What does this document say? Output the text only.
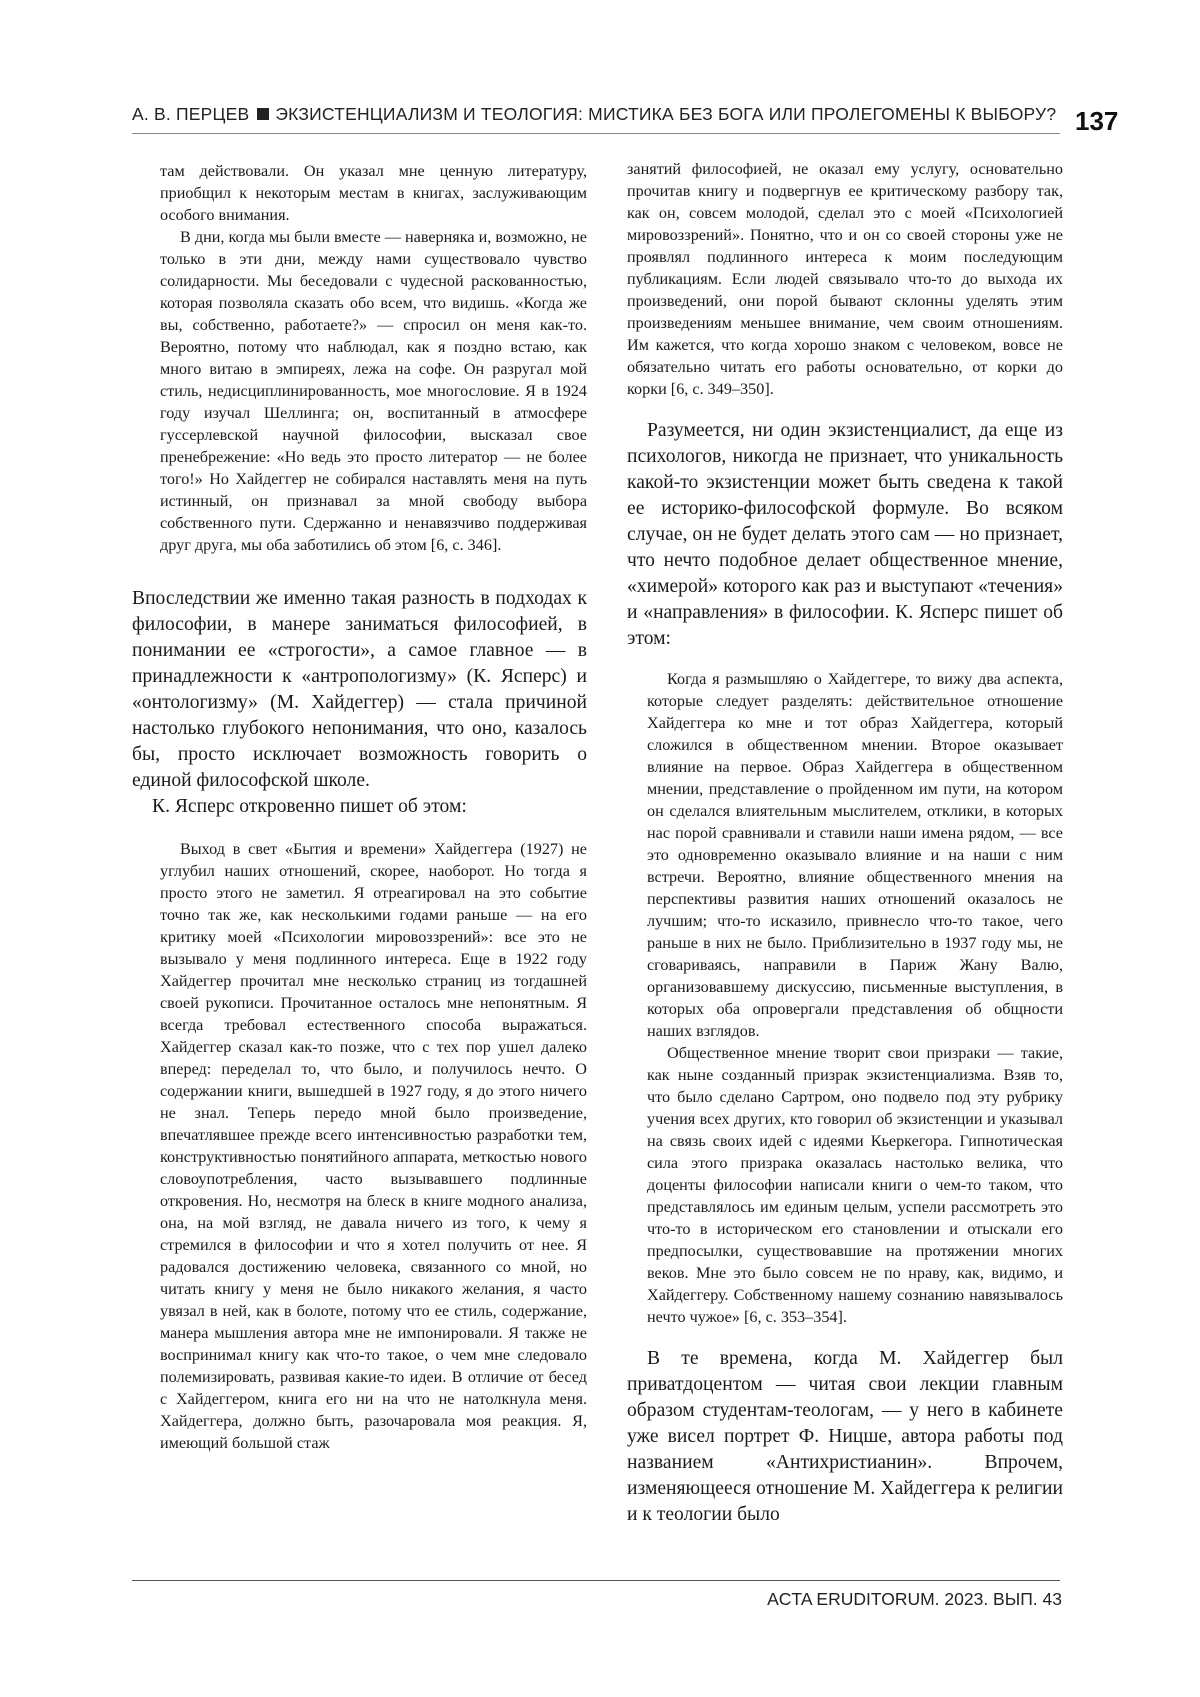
А. В. ПЕРЦЕВ ЭКЗИСТЕНЦИАЛИЗМ И ТЕОЛОГИЯ: МИСТИКА БЕЗ БОГА ИЛИ ПРОЛЕГОМЕНЫ К ВЫБОРУ? 137

там действовали. Он указал мне ценную литературу, приобщил к некоторым местам в книгах, заслуживающим особого внимания.

В дни, когда мы были вместе — наверняка и, возможно, не только в эти дни, между нами существовало чувство солидарности. Мы беседовали с чудесной раскованностью, которая позволяла сказать обо всем, что видишь. «Когда же вы, собственно, работаете?» — спросил он меня как-то. Вероятно, потому что наблюдал, как я поздно встаю, как много витаю в эмпиреях, лежа на софе. Он разругал мой стиль, недисциплинированность, мое многословие. Я в 1924 году изучал Шеллинга; он, воспитанный в атмосфере гуссерлевской научной философии, высказал свое пренебрежение: «Но ведь это просто литератор — не более того!» Но Хайдеггер не собирался наставлять меня на путь истинный, он признавал за мной свободу выбора собственного пути. Сдержанно и ненавязчиво поддерживая друг друга, мы оба заботились об этом [6, с. 346].

Впоследствии же именно такая разность в подходах к философии, в манере заниматься философией, в понимании ее «строгости», а самое главное — в принадлежности к «антропологизму» (К. Ясперс) и «онтологизму» (М. Хайдеггер) — стала причиной настолько глубокого непонимания, что оно, казалось бы, просто исключает возможность говорить о единой философской школе.

К. Ясперс откровенно пишет об этом:

Выход в свет «Бытия и времени» Хайдеггера (1927) не углубил наших отношений, скорее, наоборот. Но тогда я просто этого не заметил. Я отреагировал на это событие точно так же, как несколькими годами раньше — на его критику моей «Психологии мировоззрений»: все это не вызывало у меня подлинного интереса. Еще в 1922 году Хайдеггер прочитал мне несколько страниц из тогдашней своей рукописи. Прочитанное осталось мне непонятным. Я всегда требовал естественного способа выражаться. Хайдеггер сказал как-то позже, что с тех пор ушел далеко вперед: переделал то, что было, и получилось нечто. О содержании книги, вышедшей в 1927 году, я до этого ничего не знал. Теперь передо мной было произведение, впечатлявшее прежде всего интенсивностью разработки тем, конструктивностью понятийного аппарата, меткостью нового словоупотребления, часто вызывавшего подлинные откровения. Но, несмотря на блеск в книге модного анализа, она, на мой взгляд, не давала ничего из того, к чему я стремился в философии и что я хотел получить от нее. Я радовался достижению человека, связанного со мной, но читать книгу у меня не было никакого желания, я часто увязал в ней, как в болоте, потому что ее стиль, содержание, манера мышления автора мне не импонировали. Я также не воспринимал книгу как что-то такое, о чем мне следовало полемизировать, развивая какие-то идеи. В отличие от бесед с Хайдеггером, книга его ни на что не натолкнула меня. Хайдеггера, должно быть, разочаровала моя реакция. Я, имеющий большой стаж

занятий философией, не оказал ему услугу, основательно прочитав книгу и подвергнув ее критическому разбору так, как он, совсем молодой, сделал это с моей «Психологией мировоззрений». Понятно, что и он со своей стороны уже не проявлял подлинного интереса к моим последующим публикациям. Если людей связывало что-то до выхода их произведений, они порой бывают склонны уделять этим произведениям меньшее внимание, чем своим отношениям. Им кажется, что когда хорошо знаком с человеком, вовсе не обязательно читать его работы основательно, от корки до корки [6, с. 349–350].

Разумеется, ни один экзистенциалист, да еще из психологов, никогда не признает, что уникальность какой-то экзистенции может быть сведена к такой ее историко-философской формуле. Во всяком случае, он не будет делать этого сам — но признает, что нечто подобное делает общественное мнение, «химерой» которого как раз и выступают «течения» и «направления» в философии. К. Ясперс пишет об этом:

Когда я размышляю о Хайдеггере, то вижу два аспекта, которые следует разделять: действительное отношение Хайдеггера ко мне и тот образ Хайдеггера, который сложился в общественном мнении. Второе оказывает влияние на первое. Образ Хайдеггера в общественном мнении, представление о пройденном им пути, на котором он сделался влиятельным мыслителем, отклики, в которых нас порой сравнивали и ставили наши имена рядом, — все это одновременно оказывало влияние и на наши с ним встречи. Вероятно, влияние общественного мнения на перспективы развития наших отношений оказалось не лучшим; что-то исказило, привнесло что-то такое, чего раньше в них не было. Приблизительно в 1937 году мы, не сговариваясь, направили в Париж Жану Валю, организовавшему дискуссию, письменные выступления, в которых оба опровергали представления об общности наших взглядов.

Общественное мнение творит свои призраки — такие, как ныне созданный призрак экзистенциализма. Взяв то, что было сделано Сартром, оно подвело под эту рубрику учения всех других, кто говорил об экзистенции и указывал на связь своих идей с идеями Кьеркегора. Гипнотическая сила этого призрака оказалась настолько велика, что доценты философии написали книги о чем-то таком, что представлялось им единым целым, успели рассмотреть это что-то в историческом его становлении и отыскали его предпосылки, существовавшие на протяжении многих веков. Мне это было совсем не по нраву, как, видимо, и Хайдеггеру. Собственному нашему сознанию навязывалось нечто чужое» [6, с. 353–354].

В те времена, когда М. Хайдеггер был приватдоцентом — читая свои лекции главным образом студентам-теологам, — у него в кабинете уже висел портрет Ф. Ницше, автора работы под названием «Антихристианин». Впрочем, изменяющееся отношение М. Хайдеггера к религии и к теологии было

ACTA ERUDITORUM. 2023. ВЫП. 43
